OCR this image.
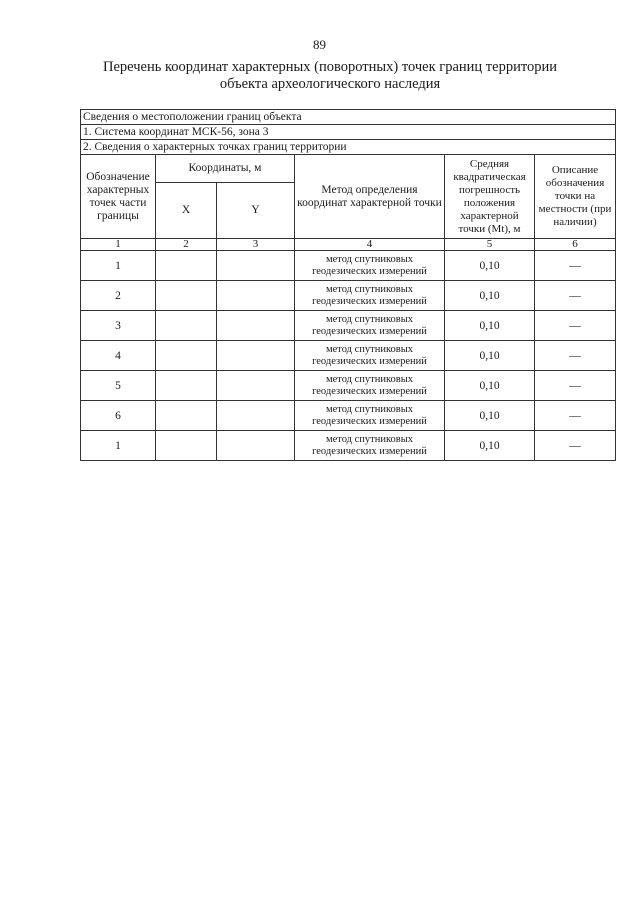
89
Перечень координат характерных (поворотных) точек границ территории
объекта археологического наследия
Сведения о местоположении границ объекта					
1. Система координат МСК-56, зона 3					
2. Сведения о характерных точках границ территории					
Обозначение характерных точек части границы	Координаты, м		Метод определения координат характерной точки	Средняя квадратическая погрешность положения характерной точки (Mt), м	Описание обозначения точки на местности (при наличии)
	X	Y			
1	2	3	4	5	6
1			метод спутниковых геодезических измерений	0,10	—
2			метод спутниковых геодезических измерений	0,10	—
3			метод спутниковых геодезических измерений	0,10	—
4			метод спутниковых геодезических измерений	0,10	—
5			метод спутниковых геодезических измерений	0,10	—
6			метод спутниковых геодезических измерений	0,10	—
1			метод спутниковых геодезических измерений	0,10	—
